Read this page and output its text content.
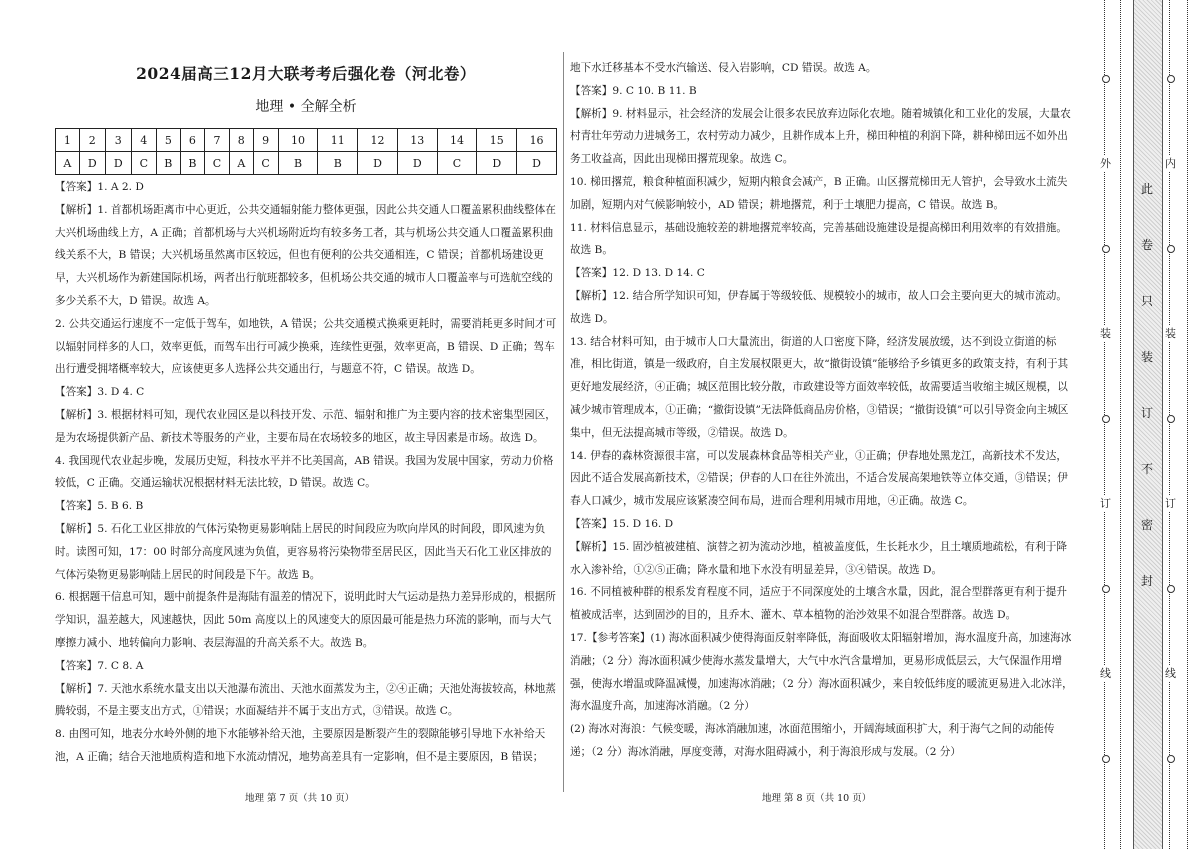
2024届高三12月大联考考后强化卷（河北卷）
地理 • 全解全析
1	2	3	4	5	6	7	8	9	10	11	12	13	14	15	16
A	D	D	C	B	B	C	A	C	B	B	D	D	C	D	D

【答案】1. A 2. D

【解析】1. 首都机场距离市中心更近，公共交通辐射能力整体更强，因此公共交通人口覆盖累积曲线整体在大兴机场曲线上方，A 正确；首都机场与大兴机场附近均有较多务工者，其与机场公共交通人口覆盖累积曲线关系不大，B 错误；大兴机场虽然离市区较远，但也有便利的公共交通相连，C 错误；首都机场建设更早，大兴机场作为新建国际机场，两者出行航班都较多，但机场公共交通的城市人口覆盖率与可选航空线的多少关系不大，D 错误。故选 A。

2. 公共交通运行速度不一定低于驾车，如地铁，A 错误；公共交通模式换乘更耗时，需要消耗更多时间才可以辐射同样多的人口，效率更低，而驾车出行可减少换乘，连续性更强，效率更高，B 错误、D 正确；驾车出行遭受拥堵概率较大，应该使更多人选择公共交通出行，与题意不符，C 错误。故选 D。

【答案】3. D 4. C

【解析】3. 根据材料可知，现代农业园区是以科技开发、示范、辐射和推广为主要内容的技术密集型园区，是为农场提供新产品、新技术等服务的产业，主要布局在农场较多的地区，故主导因素是市场。故选 D。

4. 我国现代农业起步晚，发展历史短，科技水平并不比美国高，AB 错误。我国为发展中国家，劳动力价格较低，C 正确。交通运输状况根据材料无法比较，D 错误。故选 C。

【答案】5. B 6. B

【解析】5. 石化工业区排放的气体污染物更易影响陆上居民的时间段应为吹向岸风的时间段，即风速为负时。读图可知，17：00 时部分高度风速为负值，更容易将污染物带至居民区，因此当天石化工业区排放的气体污染物更易影响陆上居民的时间段是下午。故选 B。

6. 根据题干信息可知，题中前提条件是海陆有温差的情况下，说明此时大气运动是热力差异形成的，根据所学知识，温差越大，风速越快，因此 50m 高度以上的风速变大的原因最可能是热力环流的影响，而与大气摩擦力减小、地转偏向力影响、表层海温的升高关系不大。故选 B。

【答案】7. C 8. A

【解析】7. 天池水系统水量支出以天池瀑布流出、天池水面蒸发为主，②④正确；天池处海拔较高，林地蒸腾较弱，不是主要支出方式，①错误；水面凝结并不属于支出方式，③错误。故选 C。

8. 由图可知，地表分水岭外侧的地下水能够补给天池，主要原因是断裂产生的裂隙能够引导地下水补给天池，A 正确；结合天池地质构造和地下水流动情况，地势高差具有一定影响，但不是主要原因，B 错误；

地理 第 7 页（共 10 页）

地下水迁移基本不受水汽输送、侵入岩影响，CD 错误。故选 A。

【答案】9. C 10. B 11. B

【解析】9. 材料显示，社会经济的发展会让很多农民放弃边际化农地。随着城镇化和工业化的发展，大量农村青壮年劳动力进城务工，农村劳动力减少，且耕作成本上升，梯田种植的利润下降，耕种梯田远不如外出务工收益高，因此出现梯田撂荒现象。故选 C。

10. 梯田撂荒，粮食种植面积减少，短期内粮食会减产，B 正确。山区撂荒梯田无人管护，会导致水土流失加剧，短期内对气候影响较小，AD 错误；耕地撂荒，利于土壤肥力提高，C 错误。故选 B。

11. 材料信息显示，基础设施较差的耕地撂荒率较高，完善基础设施建设是提高梯田利用效率的有效措施。故选 B。

【答案】12. D 13. D 14. C

【解析】12. 结合所学知识可知，伊春属于等级较低、规模较小的城市，故人口会主要向更大的城市流动。故选 D。

13. 结合材料可知，由于城市人口大量流出，街道的人口密度下降，经济发展放缓，达不到设立街道的标准，相比街道，镇是一级政府，自主发展权限更大，故“撤街设镇”能够给予乡镇更多的政策支持，有利于其更好地发展经济，④正确；城区范围比较分散，市政建设等方面效率较低，故需要适当收缩主城区规模，以减少城市管理成本，①正确；“撤街设镇”无法降低商品房价格，③错误；“撤街设镇”可以引导资金向主城区集中，但无法提高城市等级，②错误。故选 D。

14. 伊春的森林资源很丰富，可以发展森林食品等相关产业，①正确；伊春地处黑龙江，高新技术不发达，因此不适合发展高新技术，②错误；伊春的人口在往外流出，不适合发展高架地铁等立体交通，③错误；伊春人口减少，城市发展应该紧凑空间布局，进而合理利用城市用地，④正确。故选 C。

【答案】15. D 16. D

【解析】15. 固沙植被建植、演替之初为流动沙地，植被盖度低，生长耗水少，且土壤质地疏松，有利于降水入渗补给，①②⑤正确；降水量和地下水没有明显差异，③④错误。故选 D。

16. 不同植被种群的根系发育程度不同，适应于不同深度处的土壤含水量，因此，混合型群落更有利于提升植被成活率，达到固沙的目的，且乔木、灌木、草本植物的治沙效果不如混合型群落。故选 D。

17.【参考答案】(1) 海冰面积减少使得海面反射率降低，海面吸收太阳辐射增加，海水温度升高，加速海冰消融；（2 分）海冰面积减少使海水蒸发量增大，大气中水汽含量增加，更易形成低层云，大气保温作用增强，使海水增温或降温减慢，加速海冰消融；（2 分）海冰面积减少，来自较低纬度的暖流更易进入北冰洋，海水温度升高，加速海冰消融。（2 分）

(2) 海冰对海浪：气候变暖，海冰消融加速，冰面范围缩小，开阔海域面积扩大，利于海气之间的动能传递；（2 分）海冰消融，厚度变薄，对海水阻碍减小，利于海浪形成与发展。（2 分）

地理 第 8 页（共 10 页）
外
装
订
线
此
卷
只
装
订
不
密
封
内
装
订
线
